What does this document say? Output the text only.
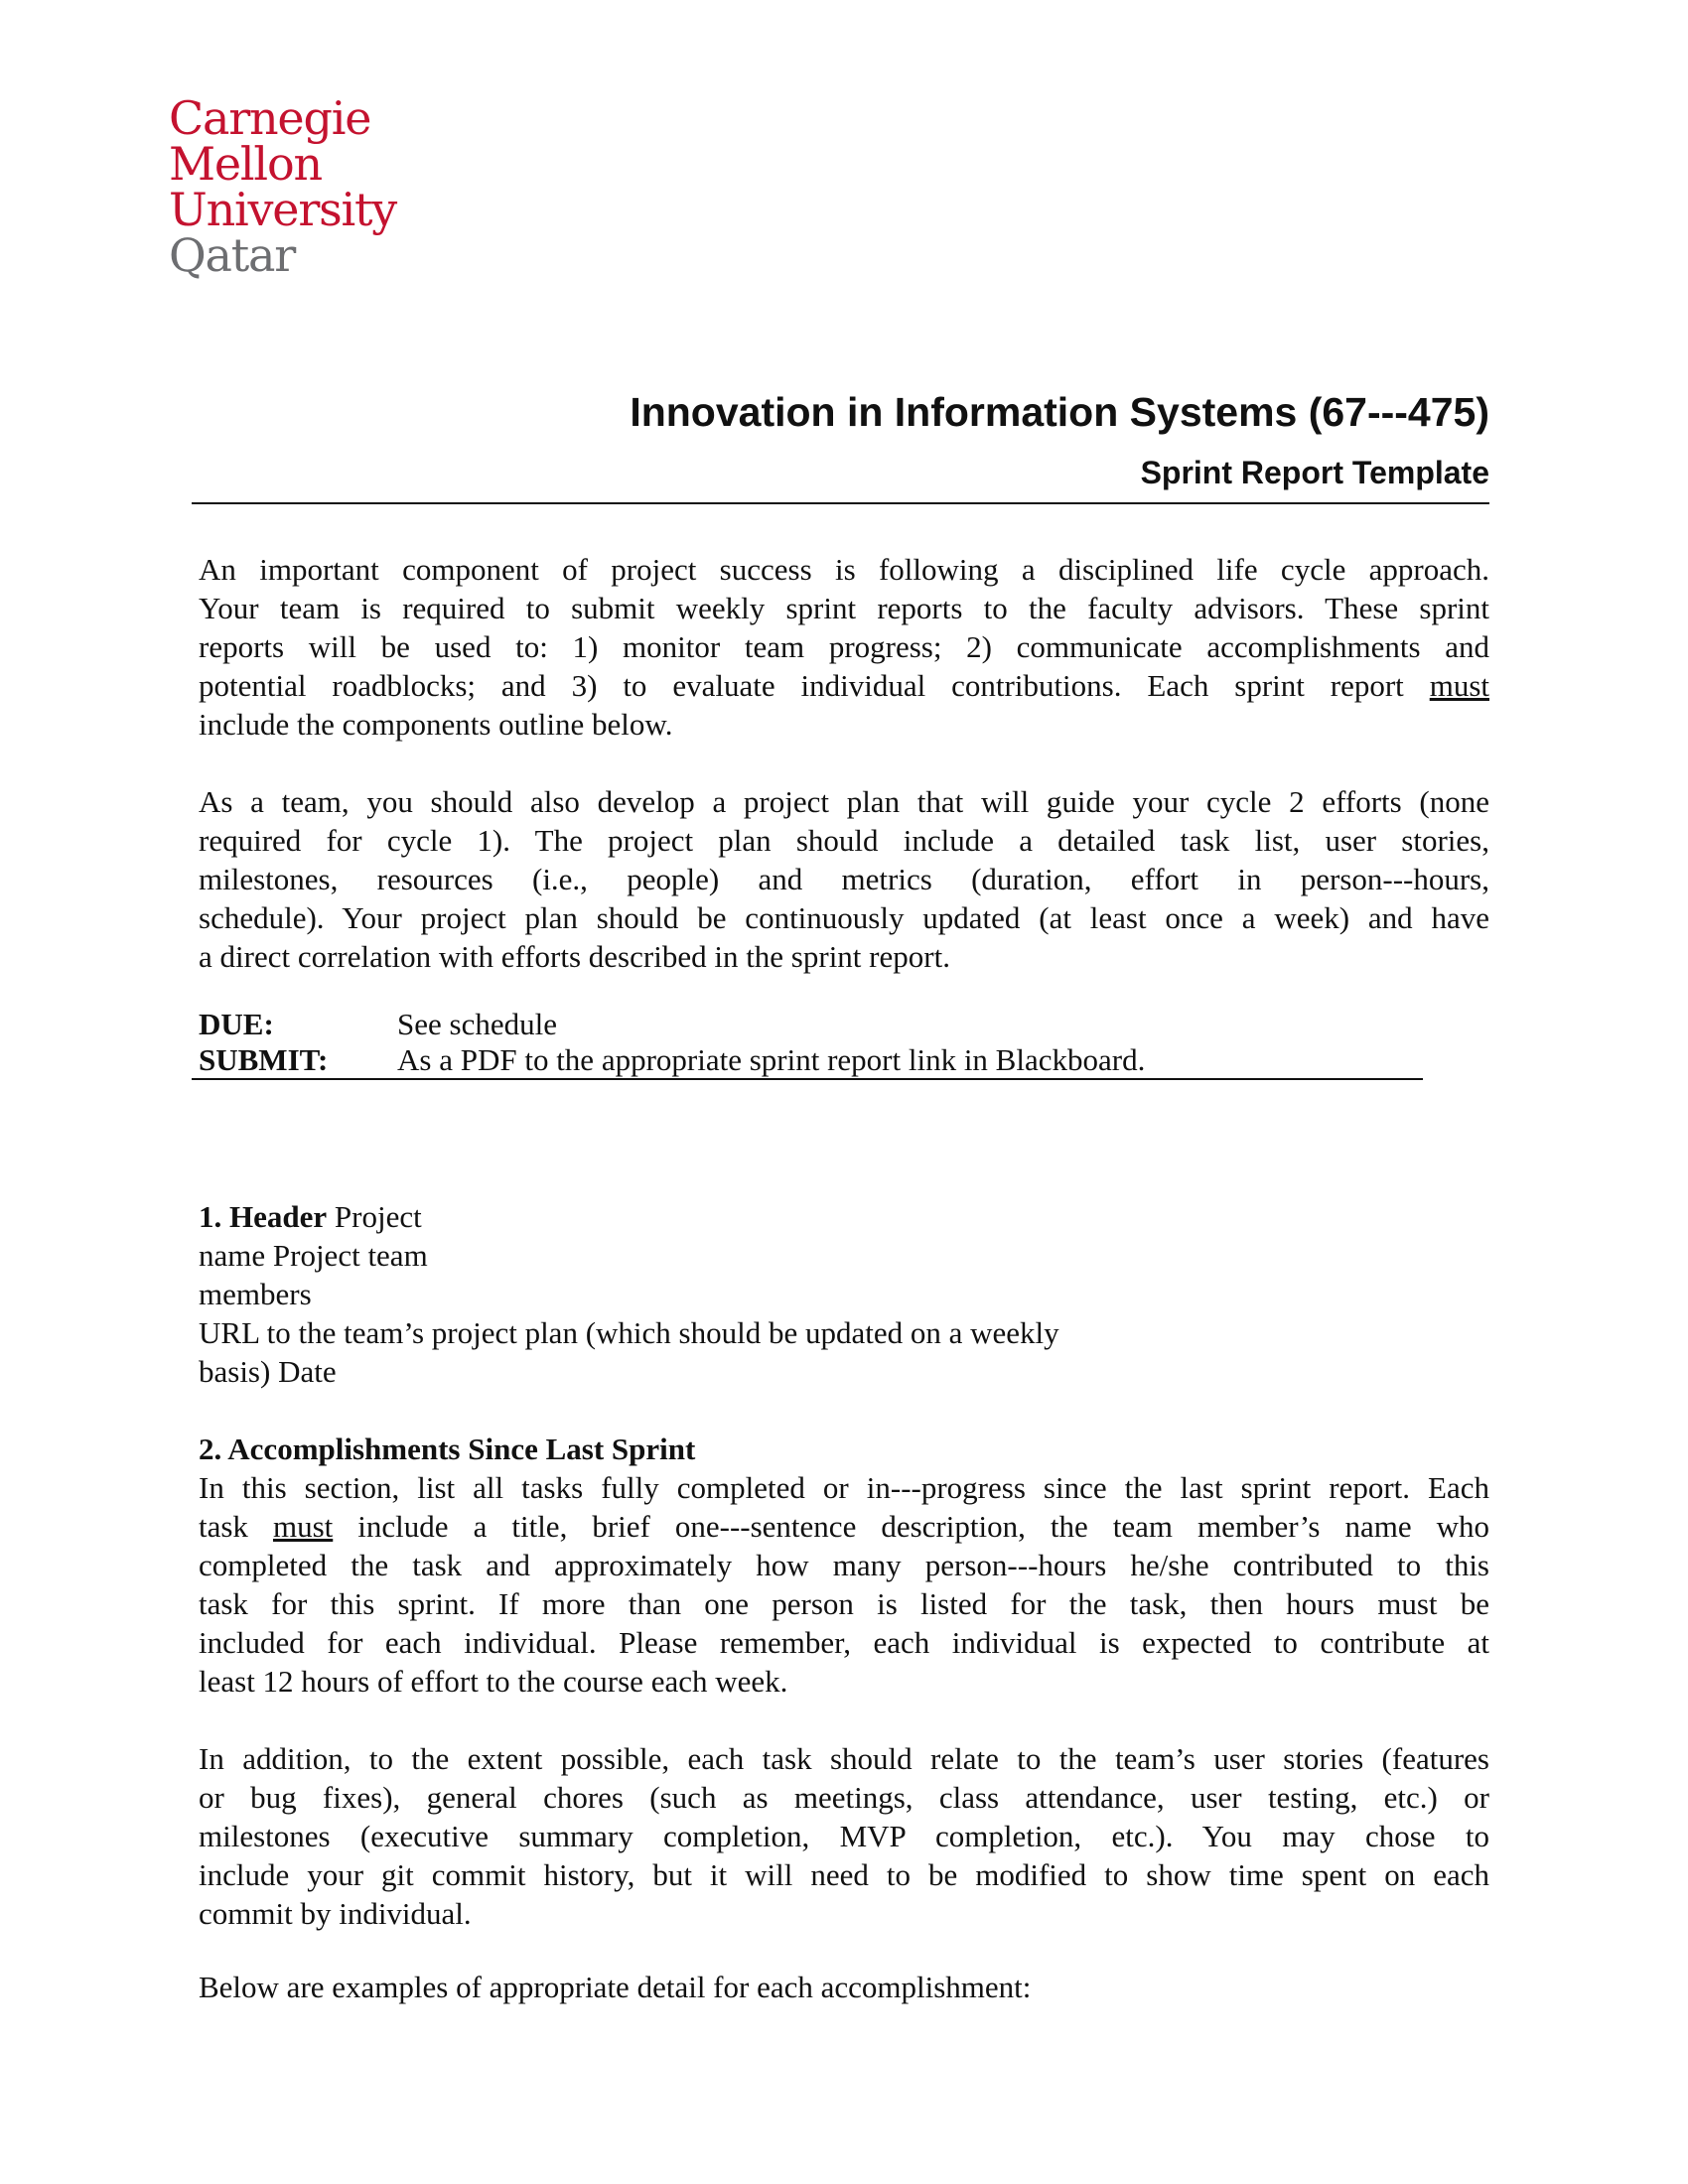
Carnegie
Mellon
University
Qatar
Innovation in Information Systems (67---475)
Sprint Report Template
An important component of project success is following a disciplined life cycle approach.
Your team is required to submit weekly sprint reports to the faculty advisors. These sprint
reports will be used to: 1) monitor team progress; 2) communicate accomplishments and
potential roadblocks; and 3) to evaluate individual contributions. Each sprint report must
include the components outline below.
As a team, you should also develop a project plan that will guide your cycle 2 efforts (none
required for cycle 1). The project plan should include a detailed task list, user stories,
milestones, resources (i.e., people) and metrics (duration, effort in person---hours,
schedule). Your project plan should be continuously updated (at least once a week) and have
a direct correlation with efforts described in the sprint report.
DUE:	See schedule
SUBMIT: As a PDF to the appropriate sprint report link in Blackboard.
1. Header Project
name Project team
members
URL to the team’s project plan (which should be updated on a weekly
basis) Date
2. Accomplishments Since Last Sprint
In this section, list all tasks fully completed or in---progress since the last sprint report. Each
task must include a title, brief one---sentence description, the team member’s name who
completed the task and approximately how many person---hours he/she contributed to this
task for this sprint. If more than one person is listed for the task, then hours must be
included for each individual. Please remember, each individual is expected to contribute at
least 12 hours of effort to the course each week.
In addition, to the extent possible, each task should relate to the team’s user stories (features
or bug fixes), general chores (such as meetings, class attendance, user testing, etc.) or
milestones (executive summary completion, MVP completion, etc.). You may chose to
include your git commit history, but it will need to be modified to show time spent on each
commit by individual.
Below are examples of appropriate detail for each accomplishment:
